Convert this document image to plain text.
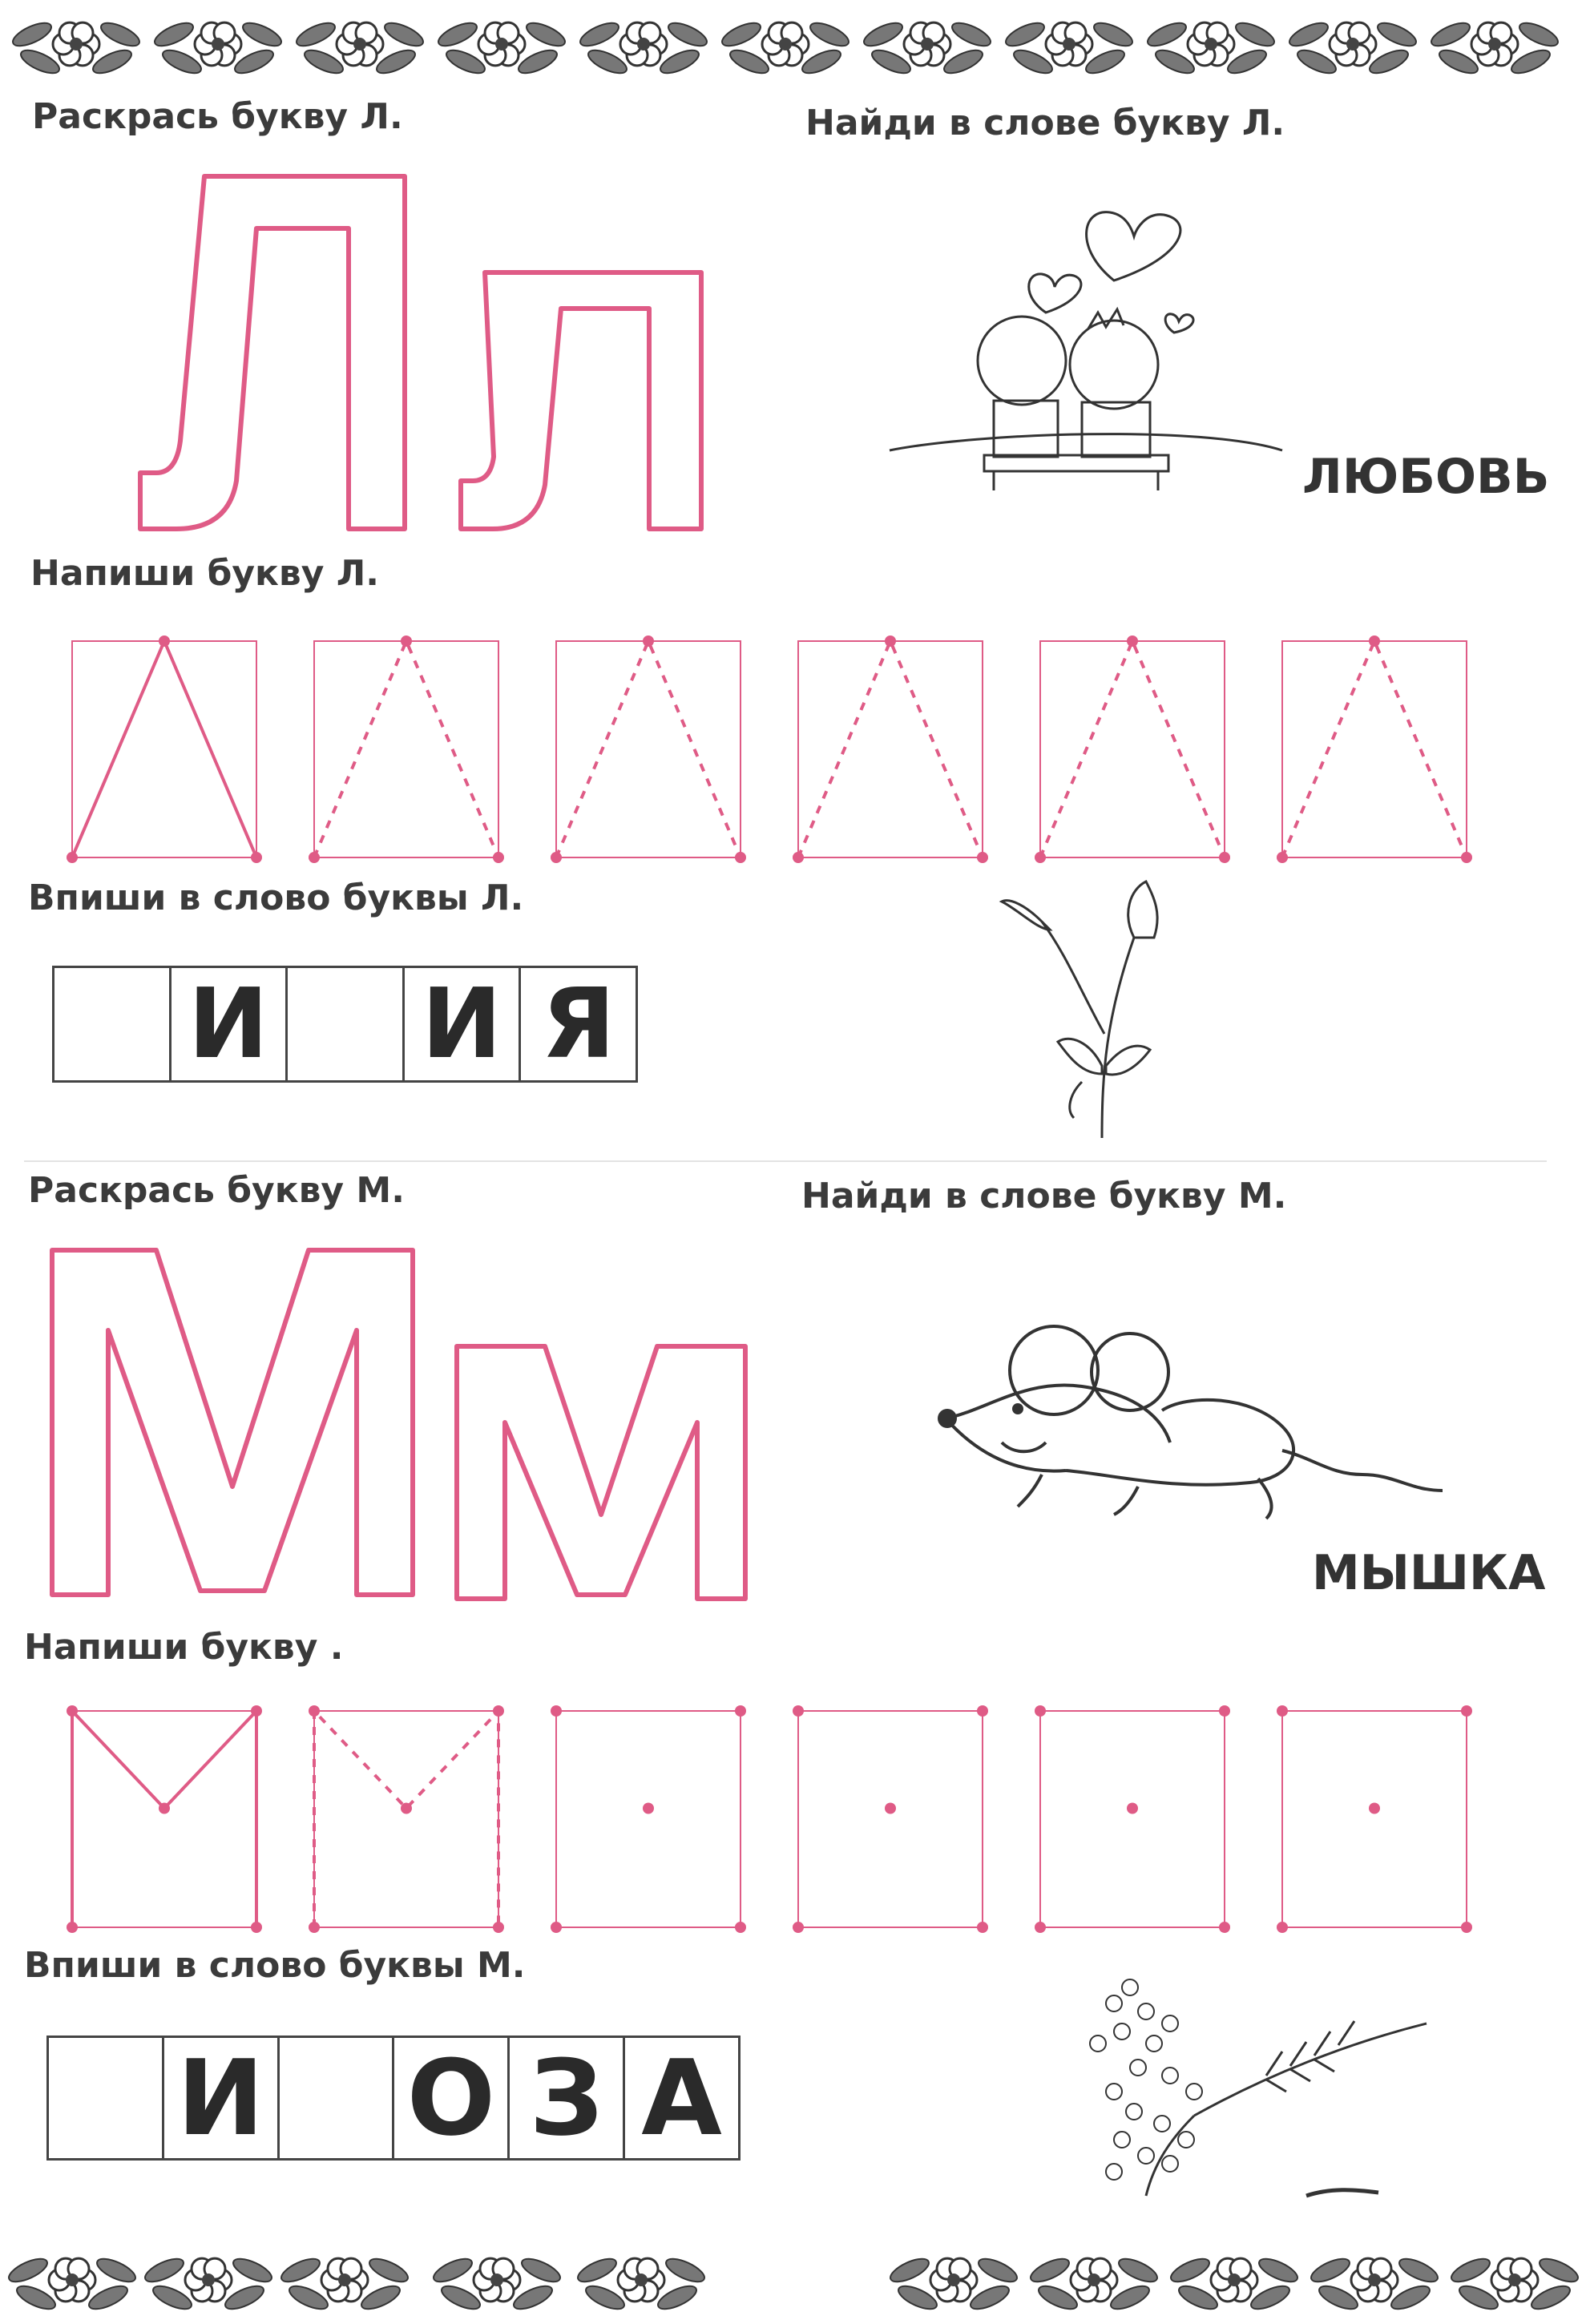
Раскрась букву Л.	Найди в слове букву Л.
ЛЮБОВЬ
Напиши букву Л.
Впиши в слово буквы Л.
И И Я
Раскрась букву М.	Найди в слове букву М.
МЫШКА
Напиши букву .
Впиши в слово буквы М.
И О З А
